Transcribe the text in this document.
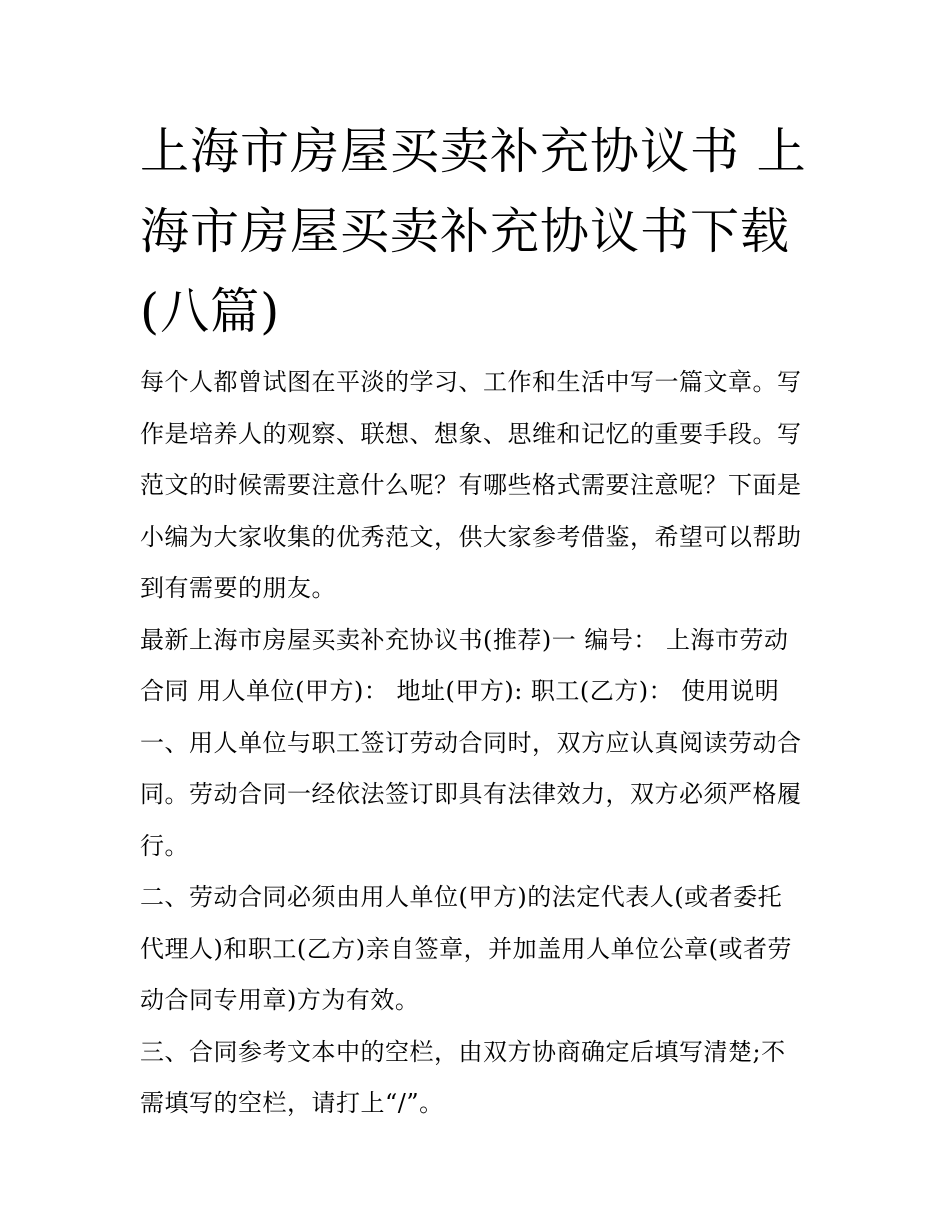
上海市房屋买卖补充协议书 上
海市房屋买卖补充协议书下载
(八篇)
每个人都曾试图在平淡的学习、工作和生活中写一篇文章。写
作是培养人的观察、联想、想象、思维和记忆的重要手段。写
范文的时候需要注意什么呢？有哪些格式需要注意呢？下面是
小编为大家收集的优秀范文，供大家参考借鉴，希望可以帮助
到有需要的朋友。
最新上海市房屋买卖补充协议书(推荐)一 编号： 上海市劳动
合同 用人单位(甲方)： 地址(甲方): 职工(乙方)： 使用说明
一、用人单位与职工签订劳动合同时，双方应认真阅读劳动合
同。劳动合同一经依法签订即具有法律效力，双方必须严格履
行。
二、劳动合同必须由用人单位(甲方)的法定代表人(或者委托
代理人)和职工(乙方)亲自签章，并加盖用人单位公章(或者劳
动合同专用章)方为有效。
三、合同参考文本中的空栏，由双方协商确定后填写清楚;不
需填写的空栏，请打上“/”。
